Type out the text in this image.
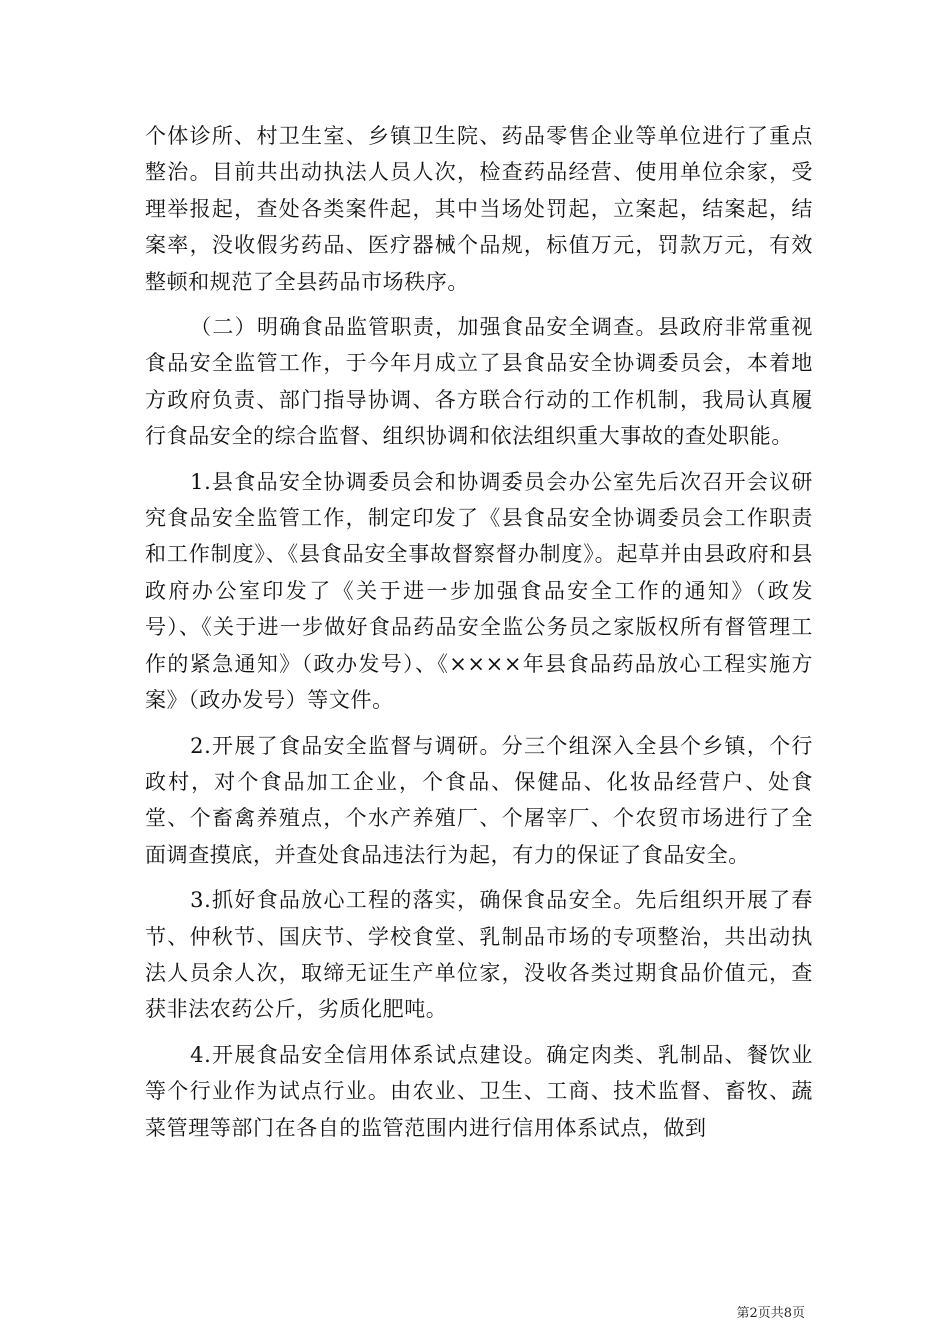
个体诊所、村卫生室、乡镇卫生院、药品零售企业等单位进行了重点整治。目前共出动执法人员人次，检查药品经营、使用单位余家，受理举报起，查处各类案件起，其中当场处罚起，立案起，结案起，结案率，没收假劣药品、医疗器械个品规，标值万元，罚款万元，有效整顿和规范了全县药品市场秩序。

（二）明确食品监管职责，加强食品安全调查。县政府非常重视食品安全监管工作，于今年月成立了县食品安全协调委员会，本着地方政府负责、部门指导协调、各方联合行动的工作机制，我局认真履行食品安全的综合监督、组织协调和依法组织重大事故的查处职能。

1.县食品安全协调委员会和协调委员会办公室先后次召开会议研究食品安全监管工作，制定印发了《县食品安全协调委员会工作职责和工作制度》、《县食品安全事故督察督办制度》。起草并由县政府和县政府办公室印发了《关于进一步加强食品安全工作的通知》（政发号）、《关于进一步做好食品药品安全监公务员之家版权所有督管理工作的紧急通知》（政办发号）、《××××年县食品药品放心工程实施方案》（政办发号）等文件。

2.开展了食品安全监督与调研。分三个组深入全县个乡镇，个行政村，对个食品加工企业，个食品、保健品、化妆品经营户、处食堂、个畜禽养殖点，个水产养殖厂、个屠宰厂、个农贸市场进行了全面调查摸底，并查处食品违法行为起，有力的保证了食品安全。

3.抓好食品放心工程的落实，确保食品安全。先后组织开展了春节、仲秋节、国庆节、学校食堂、乳制品市场的专项整治，共出动执法人员余人次，取缔无证生产单位家，没收各类过期食品价值元，查获非法农药公斤，劣质化肥吨。

4.开展食品安全信用体系试点建设。确定肉类、乳制品、餐饮业等个行业作为试点行业。由农业、卫生、工商、技术监督、畜牧、蔬菜管理等部门在各自的监管范围内进行信用体系试点，做到

第2页共8页
